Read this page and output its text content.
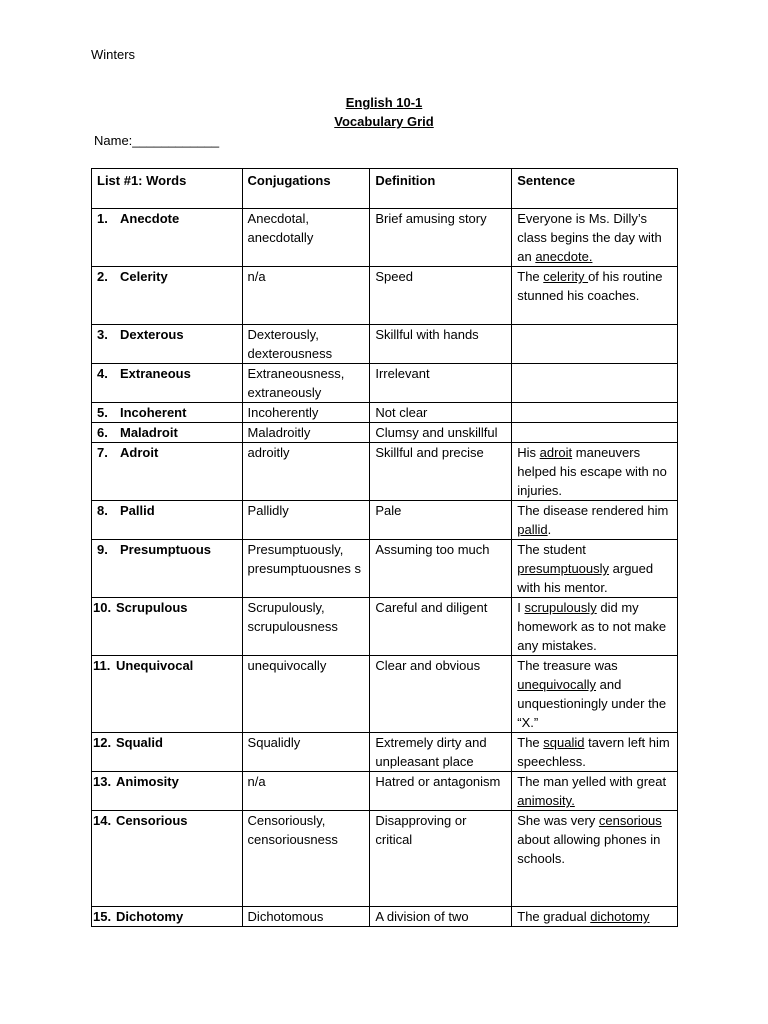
Winters
English 10-1
Vocabulary Grid
Name:____________
List #1: Words	Conjugations	Definition	Sentence
1. Anecdote	Anecdotal, anecdotally	Brief amusing story	Everyone is Ms. Dilly’s class begins the day with an anecdote.
2. Celerity	n/a	Speed	The celerity of his routine stunned his coaches.
3. Dexterous	Dexterously, dexterousness	Skillful with hands	
4. Extraneous	Extraneousness, extraneously	Irrelevant	
5. Incoherent	Incoherently	Not clear	
6. Maladroit	Maladroitly	Clumsy and unskillful	
7. Adroit	adroitly	Skillful and precise	His adroit maneuvers helped his escape with no injuries.
8. Pallid	Pallidly	Pale	The disease rendered him pallid.
9. Presumptuous	Presumptuously, presumptuousnes s	Assuming too much	The student presumptuously argued with his mentor.
10. Scrupulous	Scrupulously, scrupulousness	Careful and diligent	I scrupulously did my homework as to not make any mistakes.
11. Unequivocal	unequivocally	Clear and obvious	The treasure was unequivocally and unquestioningly under the “X.”
12. Squalid	Squalidly	Extremely dirty and unpleasant place	The squalid tavern left him speechless.
13. Animosity	n/a	Hatred or antagonism	The man yelled with great animosity.
14. Censorious	Censoriously, censoriousness	Disapproving or critical	She was very censorious about allowing phones in schools.
15. Dichotomy	Dichotomous	A division of two	The gradual dichotomy
